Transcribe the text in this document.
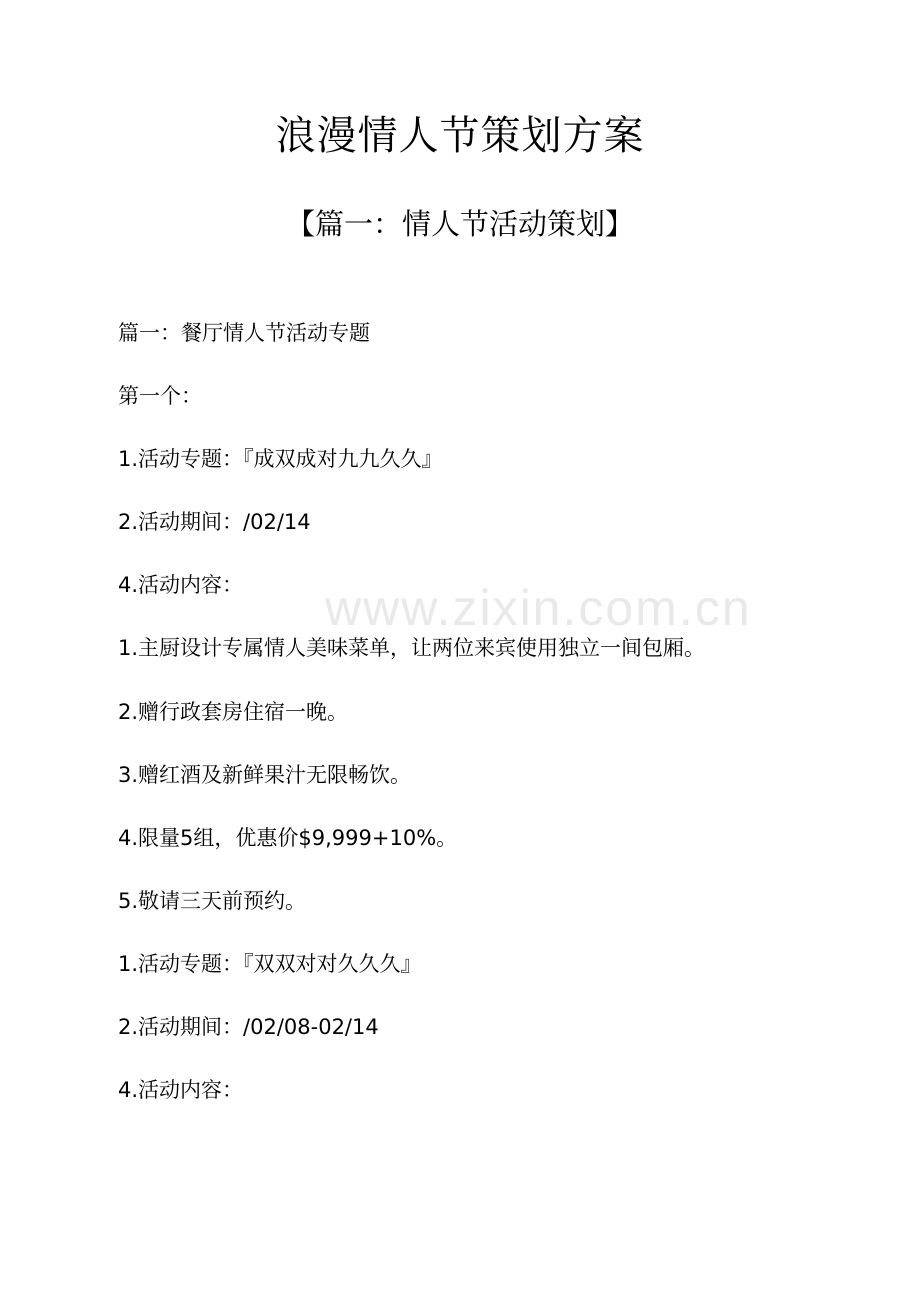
www.zixin.com.cn
浪漫情人节策划方案
【篇一：情人节活动策划】

篇一：餐厅情人节活动专题

第一个：

1.活动专题：『成双成对九九久久』

2.活动期间：/02/14

4.活动内容：

1.主厨设计专属情人美味菜单，让两位来宾使用独立一间包厢。

2.赠行政套房住宿一晚。

3.赠红酒及新鲜果汁无限畅饮。

4.限量5组，优惠价$9,999+10%。

5.敬请三天前预约。

1.活动专题：『双双对对久久久』

2.活动期间：/02/08-02/14

4.活动内容：
